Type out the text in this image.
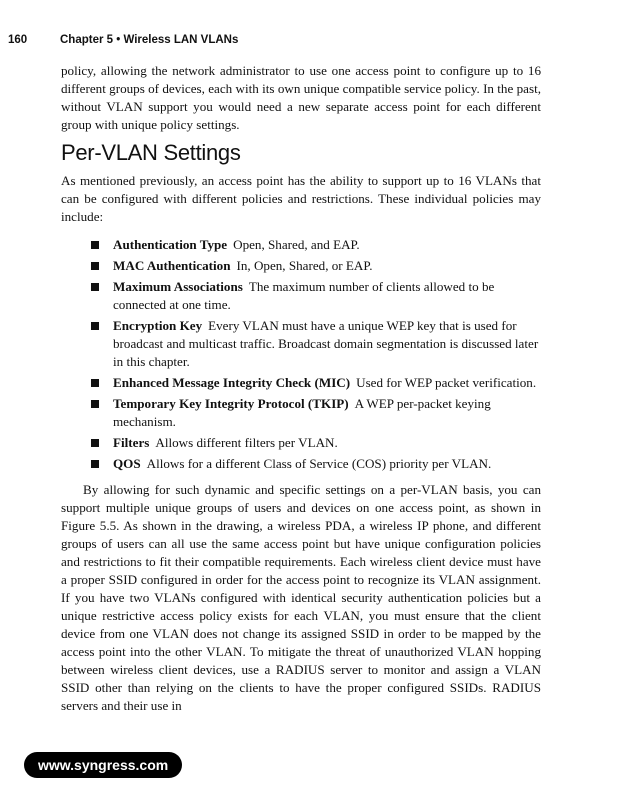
160	Chapter 5 • Wireless LAN VLANs

policy, allowing the network administrator to use one access point to configure up to 16 different groups of devices, each with its own unique compatible service policy. In the past, without VLAN support you would need a new separate access point for each different group with unique policy settings.

Per-VLAN Settings

As mentioned previously, an access point has the ability to support up to 16 VLANs that can be configured with different policies and restrictions. These individual policies may include:

Authentication Type Open, Shared, and EAP.
MAC Authentication In, Open, Shared, or EAP.
Maximum Associations The maximum number of clients allowed to be connected at one time.
Encryption Key Every VLAN must have a unique WEP key that is used for broadcast and multicast traffic. Broadcast domain segmentation is discussed later in this chapter.
Enhanced Message Integrity Check (MIC) Used for WEP packet verification.
Temporary Key Integrity Protocol (TKIP) A WEP per-packet keying mechanism.
Filters Allows different filters per VLAN.
QOS Allows for a different Class of Service (COS) priority per VLAN.

By allowing for such dynamic and specific settings on a per-VLAN basis, you can support multiple unique groups of users and devices on one access point, as shown in Figure 5.5. As shown in the drawing, a wireless PDA, a wireless IP phone, and different groups of users can all use the same access point but have unique configuration policies and restrictions to fit their compatible requirements. Each wireless client device must have a proper SSID configured in order for the access point to recognize its VLAN assignment. If you have two VLANs configured with identical security authentication policies but a unique restrictive access policy exists for each VLAN, you must ensure that the client device from one VLAN does not change its assigned SSID in order to be mapped by the access point into the other VLAN. To mitigate the threat of unauthorized VLAN hopping between wireless client devices, use a RADIUS server to monitor and assign a VLAN SSID other than relying on the clients to have the proper configured SSIDs. RADIUS servers and their use in

www.syngress.com
